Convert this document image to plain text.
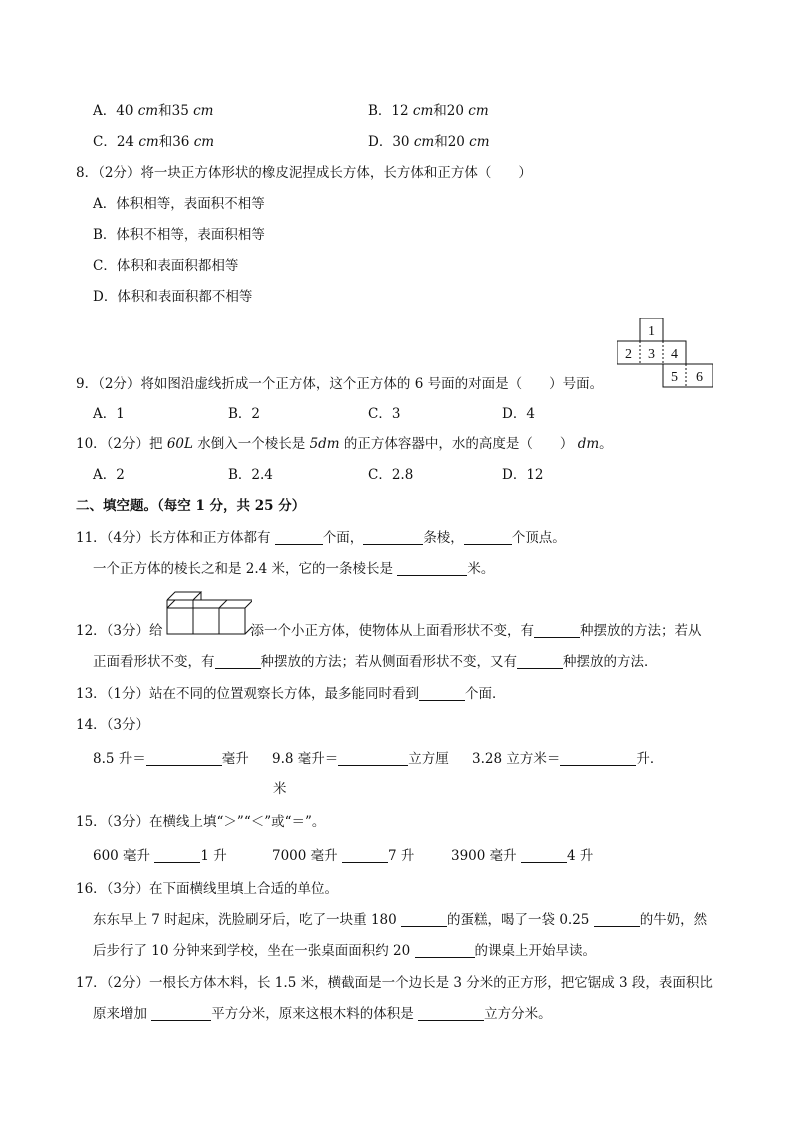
A．40 cm和35 cm	B．12 cm和20 cm
C．24 cm和36 cm	D．30 cm和20 cm
8．（2分）将一块正方体形状的橡皮泥捏成长方体，长方体和正方体（　　）
A．体积相等，表面积不相等
B．体积不相等，表面积相等
C．体积和表面积都相等
D．体积和表面积都不相等
1
2 3 4
5 6
9．（2分）将如图沿虚线折成一个正方体，这个正方体的 6 号面的对面是（　　）号面。
A．1	B．2	C．3	D．4
10．（2分）把 60L 水倒入一个棱长是 5dm 的正方体容器中，水的高度是（　　） dm。
A．2	B．2.4	C．2.8	D．12
二、填空题。（每空 1 分，共 25 分）
11．（4分）长方体和正方体都有	个面，	条棱，	个顶点。
一个正方体的棱长之和是 2.4 米，它的一条棱长是	米。
12．（3分）给	添一个小正方体，使物体从上面看形状不变，有	种摆放的方法；若从
正面看形状不变，有	种摆放的方法；若从侧面看形状不变，又有	种摆放的方法．
13．（1分）站在不同的位置观察长方体，最多能同时看到	个面．
14．（3分）
8.5 升＝	毫升 9.8 毫升＝	立方厘 3.28 立方米＝	升．
米
15．（3分）在横线上填“＞”“＜”或“＝”。
600 毫升	1 升	7000 毫升	7 升	3900 毫升	4 升
16．（3分）在下面横线里填上合适的单位。
东东早上 7 时起床，洗脸刷牙后，吃了一块重 180	的蛋糕，喝了一袋 0.25	的牛奶，然
后步行了 10 分钟来到学校，坐在一张桌面面积约 20	的课桌上开始早读。
17．（2分）一根长方体木料，长 1.5 米，横截面是一个边长是 3 分米的正方形，把它锯成 3 段，表面积比
原来增加	平方分米，原来这根木料的体积是	立方分米。
